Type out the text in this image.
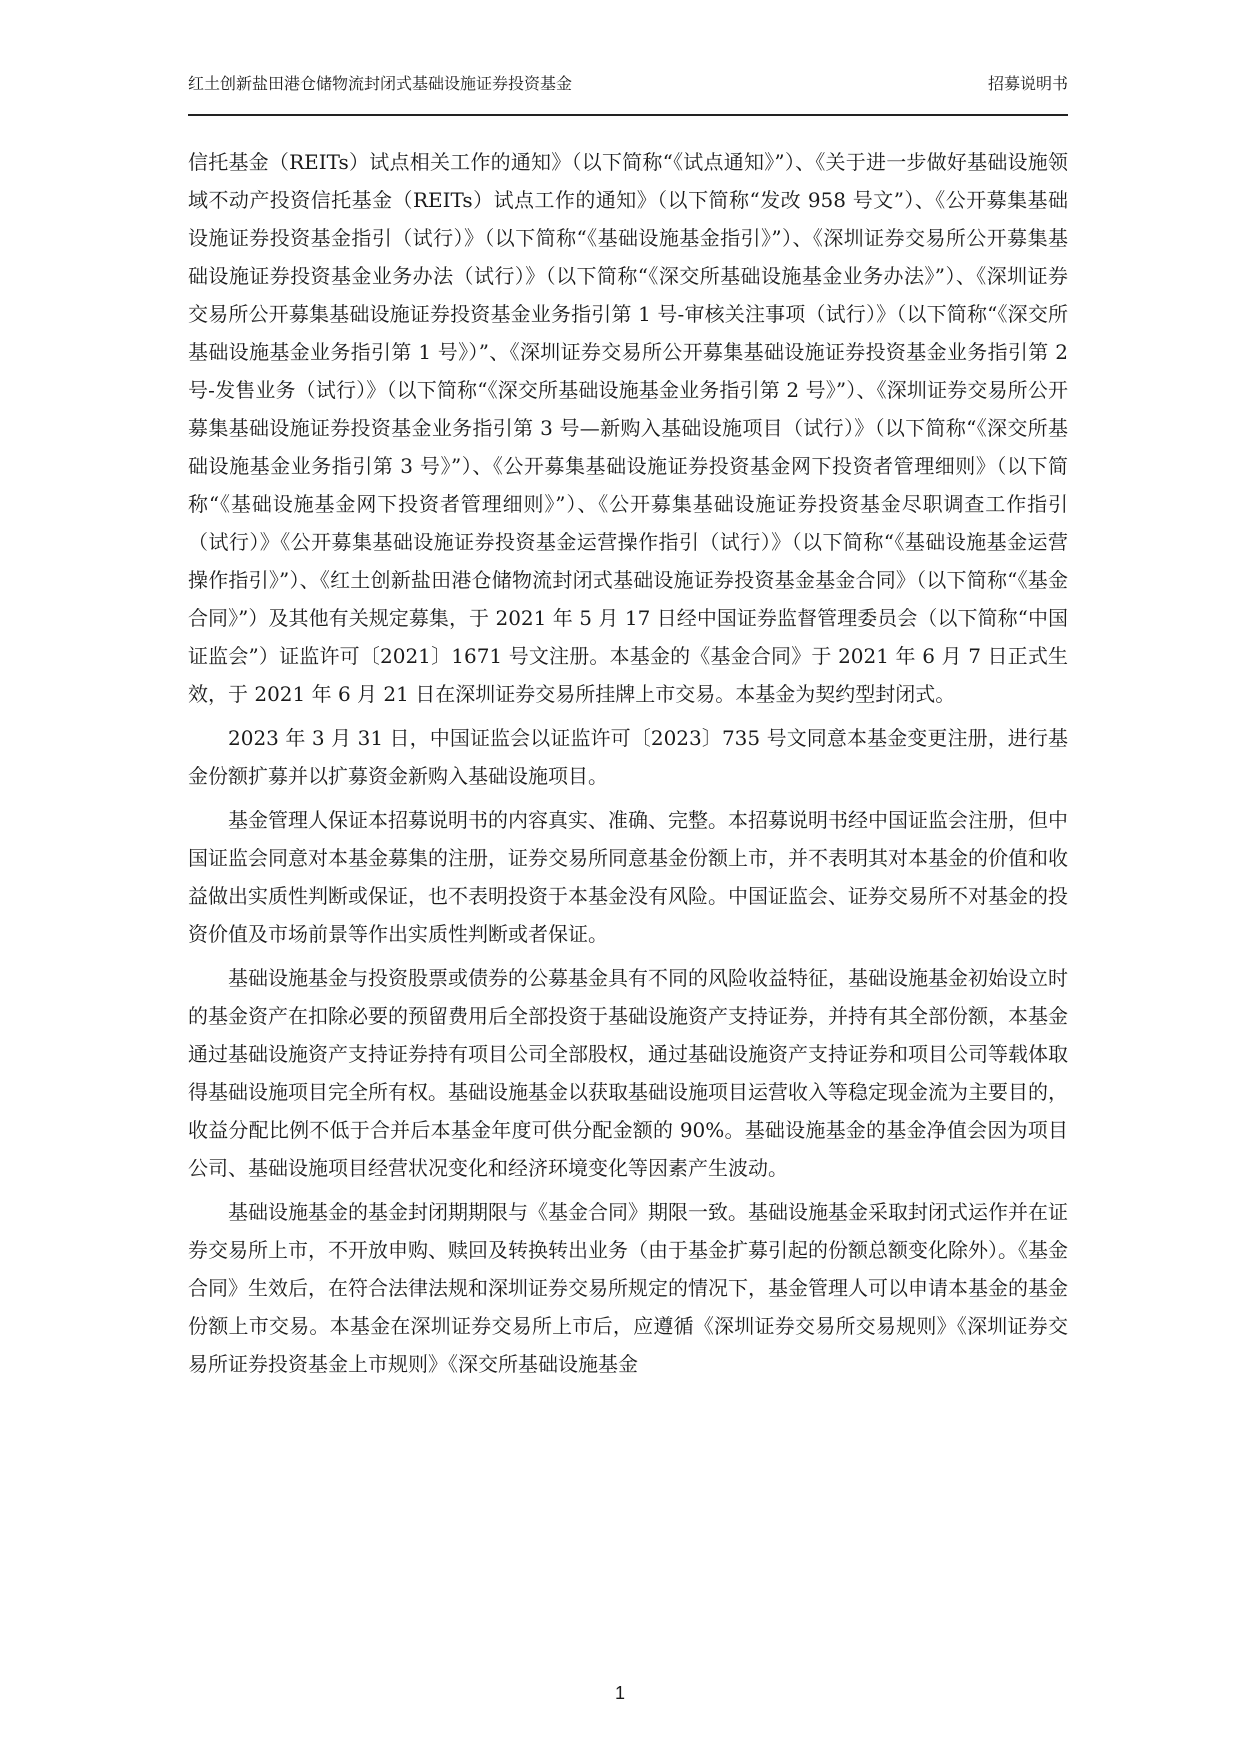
红土创新盐田港仓储物流封闭式基础设施证券投资基金	招募说明书

信托基金（REITs）试点相关工作的通知》（以下简称“《试点通知》”）、《关于进一步做好基础设施领域不动产投资信托基金（REITs）试点工作的通知》（以下简称“发改 958 号文”）、《公开募集基础设施证券投资基金指引（试行）》（以下简称“《基础设施基金指引》”）、《深圳证券交易所公开募集基础设施证券投资基金业务办法（试行）》（以下简称“《深交所基础设施基金业务办法》”）、《深圳证券交易所公开募集基础设施证券投资基金业务指引第 1 号-审核关注事项（试行）》（以下简称“《深交所基础设施基金业务指引第 1 号》）”、《深圳证券交易所公开募集基础设施证券投资基金业务指引第 2 号-发售业务（试行）》（以下简称“《深交所基础设施基金业务指引第 2 号》”）、《深圳证券交易所公开募集基础设施证券投资基金业务指引第 3 号—新购入基础设施项目（试行）》（以下简称“《深交所基础设施基金业务指引第 3 号》”）、《公开募集基础设施证券投资基金网下投资者管理细则》（以下简称“《基础设施基金网下投资者管理细则》”）、《公开募集基础设施证券投资基金尽职调查工作指引（试行）》《公开募集基础设施证券投资基金运营操作指引（试行）》（以下简称“《基础设施基金运营操作指引》”）、《红土创新盐田港仓储物流封闭式基础设施证券投资基金基金合同》（以下简称“《基金合同》”）及其他有关规定募集，于 2021 年 5 月 17 日经中国证券监督管理委员会（以下简称“中国证监会”）证监许可〔2021〕1671 号文注册。本基金的《基金合同》于 2021 年 6 月 7 日正式生效，于 2021 年 6 月 21 日在深圳证券交易所挂牌上市交易。本基金为契约型封闭式。

2023 年 3 月 31 日，中国证监会以证监许可〔2023〕735 号文同意本基金变更注册，进行基金份额扩募并以扩募资金新购入基础设施项目。

基金管理人保证本招募说明书的内容真实、准确、完整。本招募说明书经中国证监会注册，但中国证监会同意对本基金募集的注册，证券交易所同意基金份额上市，并不表明其对本基金的价值和收益做出实质性判断或保证，也不表明投资于本基金没有风险。中国证监会、证券交易所不对基金的投资价值及市场前景等作出实质性判断或者保证。

基础设施基金与投资股票或债券的公募基金具有不同的风险收益特征，基础设施基金初始设立时的基金资产在扣除必要的预留费用后全部投资于基础设施资产支持证券，并持有其全部份额，本基金通过基础设施资产支持证券持有项目公司全部股权，通过基础设施资产支持证券和项目公司等载体取得基础设施项目完全所有权。基础设施基金以获取基础设施项目运营收入等稳定现金流为主要目的，收益分配比例不低于合并后本基金年度可供分配金额的 90%。基础设施基金的基金净值会因为项目公司、基础设施项目经营状况变化和经济环境变化等因素产生波动。

基础设施基金的基金封闭期期限与《基金合同》期限一致。基础设施基金采取封闭式运作并在证券交易所上市，不开放申购、赎回及转换转出业务（由于基金扩募引起的份额总额变化除外）。《基金合同》生效后，在符合法律法规和深圳证券交易所规定的情况下，基金管理人可以申请本基金的基金份额上市交易。本基金在深圳证券交易所上市后，应遵循《深圳证券交易所交易规则》《深圳证券交易所证券投资基金上市规则》《深交所基础设施基金

1
